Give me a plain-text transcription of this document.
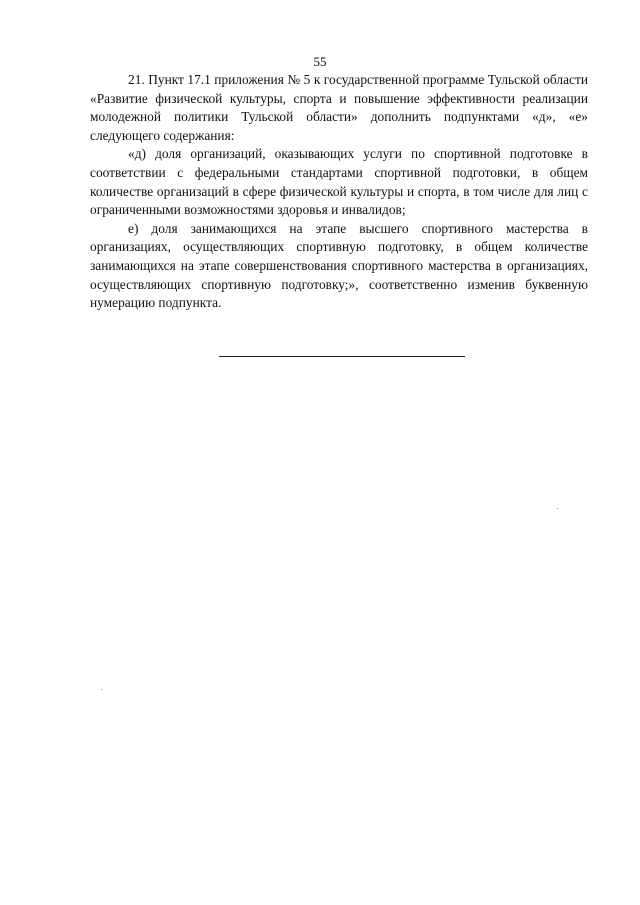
55

21. Пункт 17.1 приложения № 5 к государственной программе Тульской области «Развитие физической культуры, спорта и повышение эффективности реализации молодежной политики Тульской области» дополнить подпунктами «д», «е» следующего содержания:

«д) доля организаций, оказывающих услуги по спортивной подготовке в соответствии с федеральными стандартами спортивной подготовки, в общем количестве организаций в сфере физической культуры и спорта, в том числе для лиц с ограниченными возможностями здоровья и инвалидов;

е) доля занимающихся на этапе высшего спортивного мастерства в организациях, осуществляющих спортивную подготовку, в общем количестве занимающихся на этапе совершенствования спортивного мастерства в организациях, осуществляющих спортивную подготовку;», соответственно изменив буквенную нумерацию подпункта.
